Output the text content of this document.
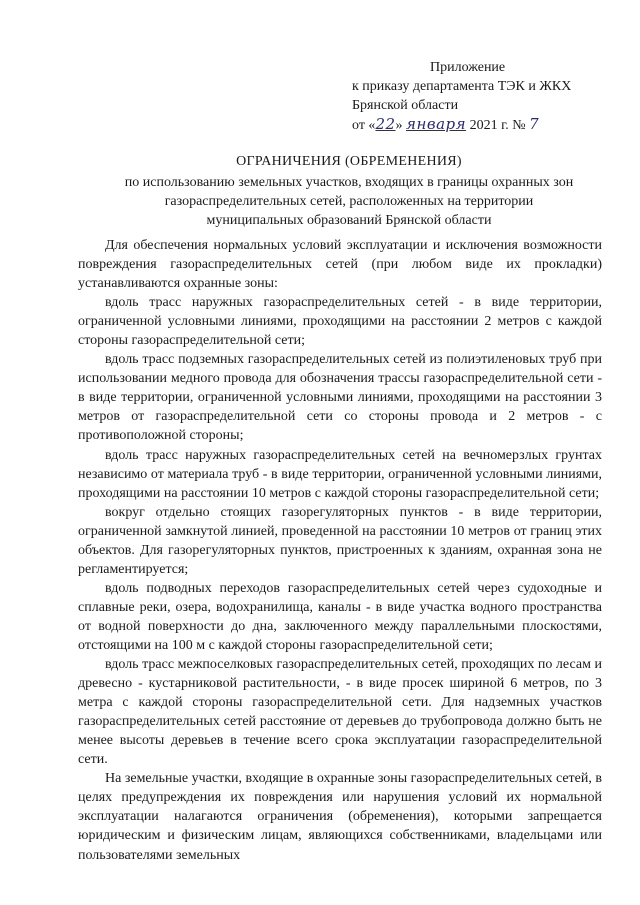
Приложение
к приказу департамента ТЭК и ЖКХ
Брянской области
от «22» января 2021 г. № 7
ОГРАНИЧЕНИЯ (ОБРЕМЕНЕНИЯ)
по использованию земельных участков, входящих в границы охранных зон газораспределительных сетей, расположенных на территории муниципальных образований Брянской области

Для обеспечения нормальных условий эксплуатации и исключения возможности повреждения газораспределительных сетей (при любом виде их прокладки) устанавливаются охранные зоны:

вдоль трасс наружных газораспределительных сетей - в виде территории, ограниченной условными линиями, проходящими на расстоянии 2 метров с каждой стороны газораспределительной сети;

вдоль трасс подземных газораспределительных сетей из полиэтиленовых труб при использовании медного провода для обозначения трассы газораспределительной сети - в виде территории, ограниченной условными линиями, проходящими на расстоянии 3 метров от газораспределительной сети со стороны провода и 2 метров - с противоположной стороны;

вдоль трасс наружных газораспределительных сетей на вечномерзлых грунтах независимо от материала труб - в виде территории, ограниченной условными линиями, проходящими на расстоянии 10 метров с каждой стороны газораспределительной сети;

вокруг отдельно стоящих газорегуляторных пунктов - в виде территории, ограниченной замкнутой линией, проведенной на расстоянии 10 метров от границ этих объектов. Для газорегуляторных пунктов, пристроенных к зданиям, охранная зона не регламентируется;

вдоль подводных переходов газораспределительных сетей через судоходные и сплавные реки, озера, водохранилища, каналы - в виде участка водного пространства от водной поверхности до дна, заключенного между параллельными плоскостями, отстоящими на 100 м с каждой стороны газораспределительной сети;

вдоль трасс межпоселковых газораспределительных сетей, проходящих по лесам и древесно - кустарниковой растительности, - в виде просек шириной 6 метров, по 3 метра с каждой стороны газораспределительной сети. Для надземных участков газораспределительных сетей расстояние от деревьев до трубопровода должно быть не менее высоты деревьев в течение всего срока эксплуатации газораспределительной сети.

На земельные участки, входящие в охранные зоны газораспределительных сетей, в целях предупреждения их повреждения или нарушения условий их нормальной эксплуатации налагаются ограничения (обременения), которыми запрещается юридическим и физическим лицам, являющихся собственниками, владельцами или пользователями земельных
